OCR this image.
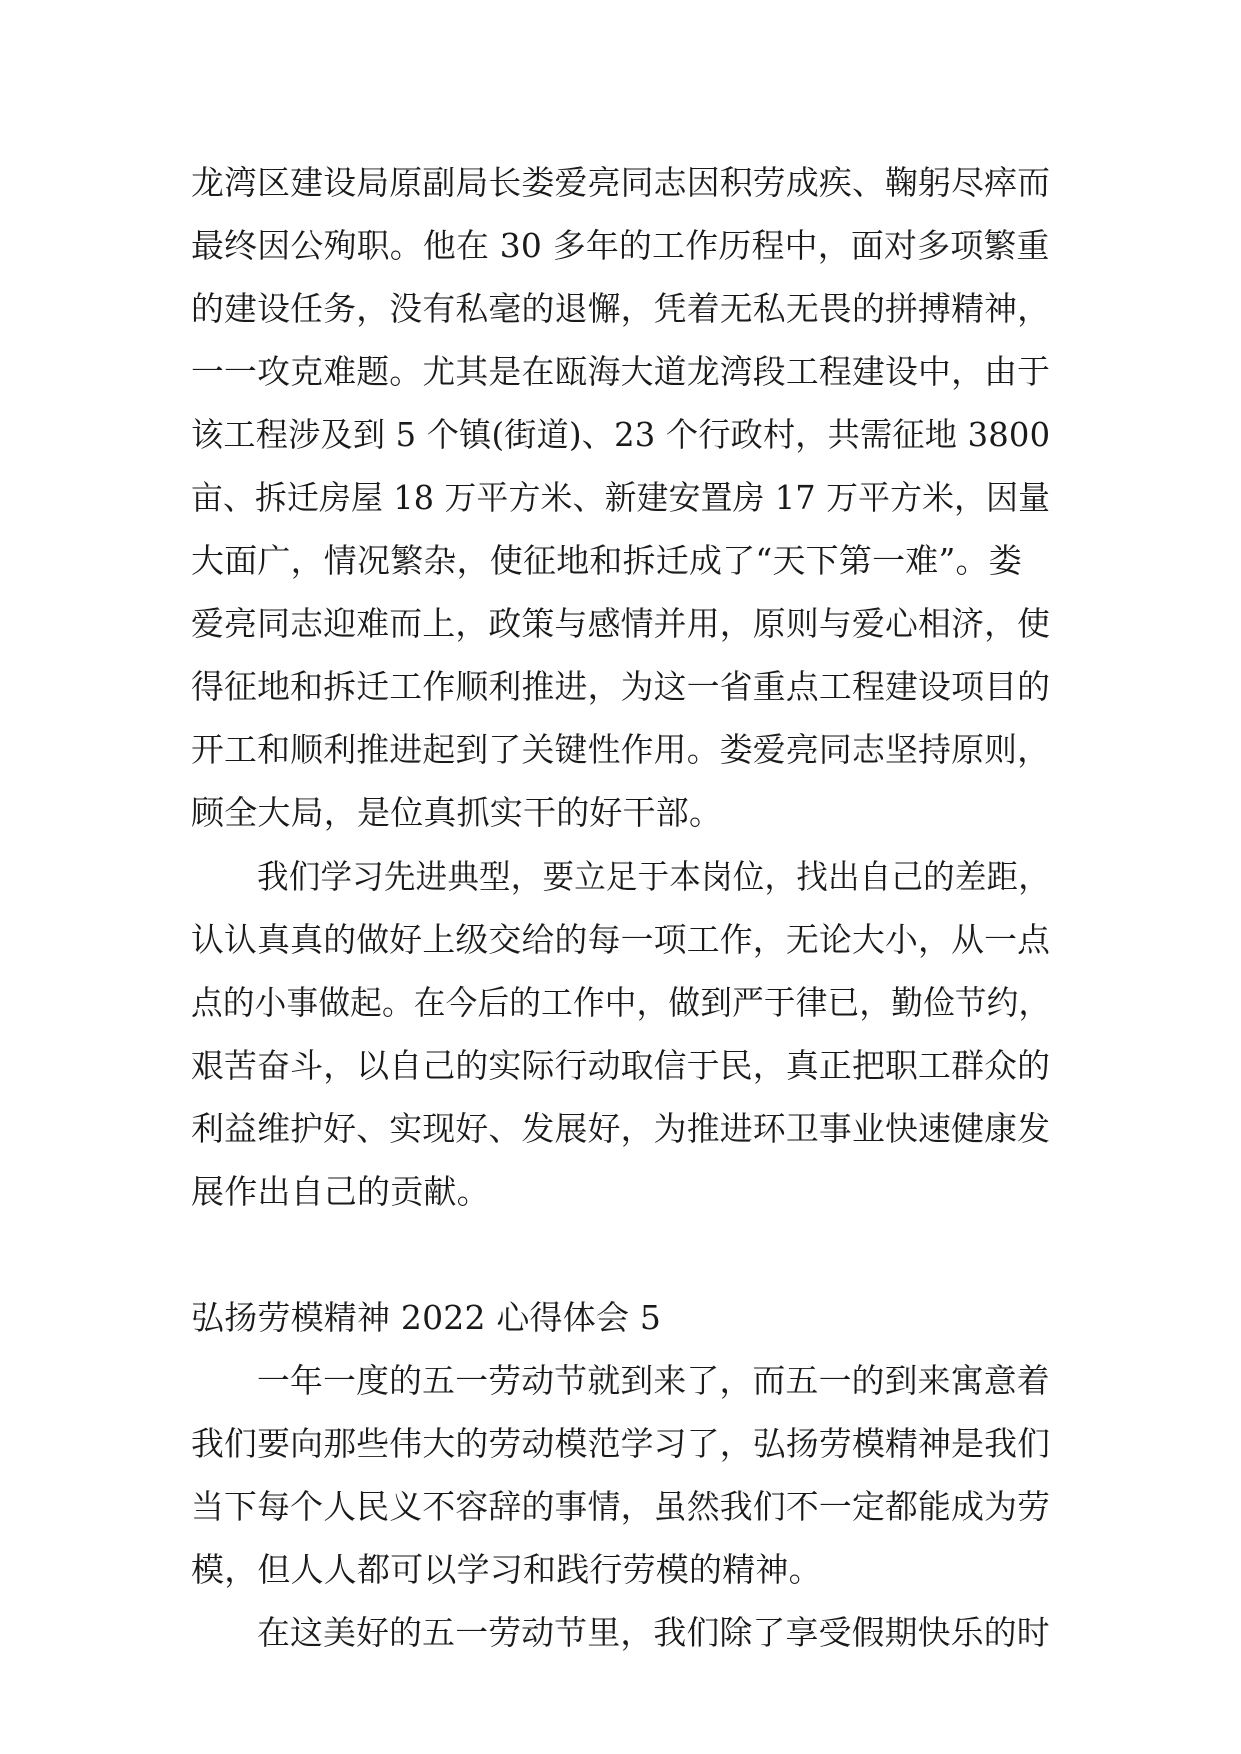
龙湾区建设局原副局长娄爱亮同志因积劳成疾、鞠躬尽瘁而
最终因公殉职。他在 30 多年的工作历程中，面对多项繁重
的建设任务，没有私毫的退懈，凭着无私无畏的拼搏精神，
一一攻克难题。尤其是在瓯海大道龙湾段工程建设中，由于
该工程涉及到 5 个镇(街道)、23 个行政村，共需征地 3800
亩、拆迁房屋 18 万平方米、新建安置房 17 万平方米，因量
大面广，情况繁杂，使征地和拆迁成了“天下第一难”。娄
爱亮同志迎难而上，政策与感情并用，原则与爱心相济，使
得征地和拆迁工作顺利推进，为这一省重点工程建设项目的
开工和顺利推进起到了关键性作用。娄爱亮同志坚持原则，
顾全大局，是位真抓实干的好干部。
我们学习先进典型，要立足于本岗位，找出自己的差距，
认认真真的做好上级交给的每一项工作，无论大小，从一点
点的小事做起。在今后的工作中，做到严于律已，勤俭节约，
艰苦奋斗，以自己的实际行动取信于民，真正把职工群众的
利益维护好、实现好、发展好，为推进环卫事业快速健康发
展作出自己的贡献。
弘扬劳模精神 2022 心得体会 5
一年一度的五一劳动节就到来了，而五一的到来寓意着
我们要向那些伟大的劳动模范学习了，弘扬劳模精神是我们
当下每个人民义不容辞的事情，虽然我们不一定都能成为劳
模，但人人都可以学习和践行劳模的精神。
在这美好的五一劳动节里，我们除了享受假期快乐的时
